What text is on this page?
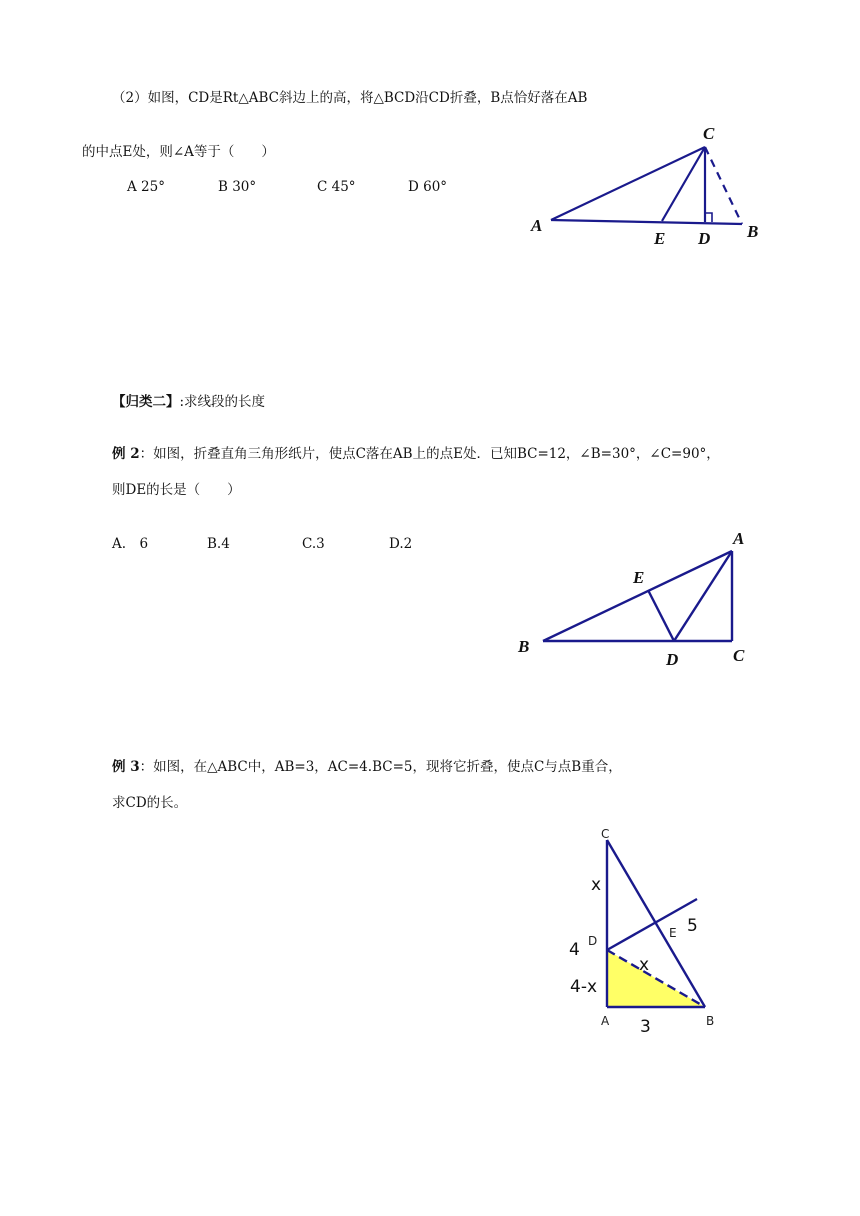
（2）如图，CD是Rt△ABC斜边上的高，将△BCD沿CD折叠，B点恰好落在AB
的中点E处，则∠A等于（　　）
A 25°	B 30°	C 45°	D 60°
C
A
E D B
【归类二】:求线段的长度
例 2：如图，折叠直角三角形纸片，使点C落在AB上的点E处．已知BC=12，∠B=30°，∠C=90°，
则DE的长是（　　）
A.　6	B.4	C.3	D.2	A
E
B
D	C
例 3：如图，在△ABC中，AB=3，AC=4.BC=5，现将它折叠，使点C与点B重合，
求CD的长。
C
D
E
A	B
x
x
4
4-x
5
3
